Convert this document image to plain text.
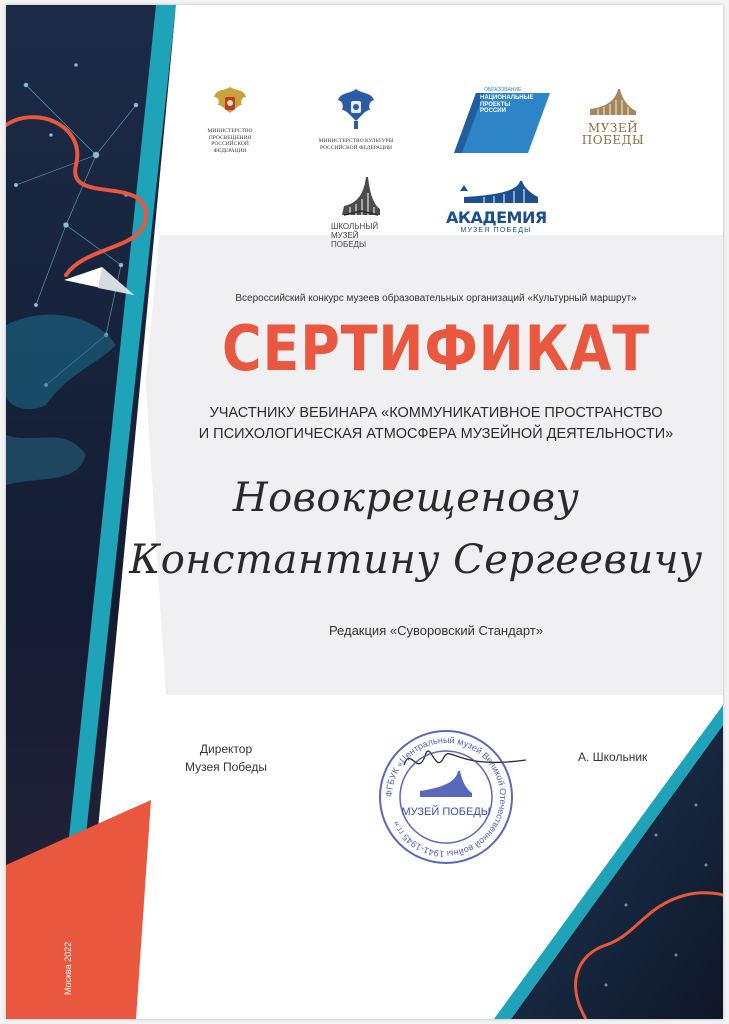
МИНИСТЕРСТВО
ПРОСВЕЩЕНИЯ
РОССИЙСКОЙ
ФЕДЕРАЦИИ
МИНИСТЕРСТВО КУЛЬТУРЫ
РОССИЙСКОЙ ФЕДЕРАЦИИ
ОБРАЗОВАНИЕ
НАЦИОНАЛЬНЫЕ
ПРОЕКТЫ
РОССИИ
МУЗЕЙ
ПОБЕДЫ
ШКОЛЬНЫЙ
МУЗЕЙ
ПОБЕДЫ
АКАДЕМИЯ
МУЗЕЯ ПОБЕДЫ
Всероссийский конкурс музеев образовательных организаций «Культурный маршрут»
СЕРТИФИКАТ
УЧАСТНИКУ ВЕБИНАРА «КОММУНИКАТИВНОЕ ПРОСТРАНСТВО
И ПСИХОЛОГИЧЕСКАЯ АТМОСФЕРА МУЗЕЙНОЙ ДЕЯТЕЛЬНОСТИ»
Новокрещенову
Константину Сергеевичу
Редакция «Суворовский Стандарт»
Директор
Музея Победы
А. Школьник
ФГБУК «Центральный музей Великой Отечественной войны 1941-1945 гг.»
МУЗЕЙ ПОБЕДЫ
Москва 2022
